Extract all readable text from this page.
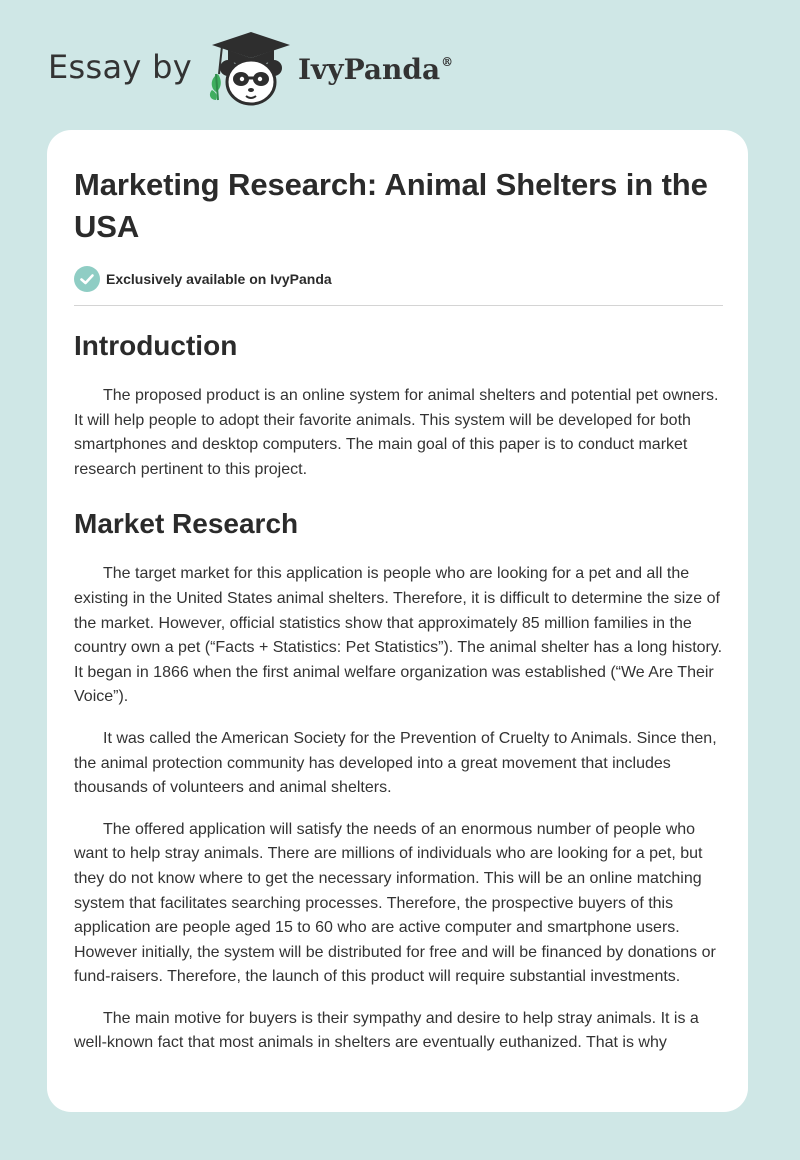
Essay by	IvyPanda®
Marketing Research: Animal Shelters in the USA
Exclusively available on IvyPanda
Introduction

The proposed product is an online system for animal shelters and potential pet owners. It will help people to adopt their favorite animals. This system will be developed for both smartphones and desktop computers. The main goal of this paper is to conduct market research pertinent to this project.

Market Research

The target market for this application is people who are looking for a pet and all the existing in the United States animal shelters. Therefore, it is difficult to determine the size of the market. However, official statistics show that approximately 85 million families in the country own a pet (“Facts + Statistics: Pet Statistics”). The animal shelter has a long history. It began in 1866 when the first animal welfare organization was established (“We Are Their Voice”).

It was called the American Society for the Prevention of Cruelty to Animals. Since then, the animal protection community has developed into a great movement that includes thousands of volunteers and animal shelters.

The offered application will satisfy the needs of an enormous number of people who want to help stray animals. There are millions of individuals who are looking for a pet, but they do not know where to get the necessary information. This will be an online matching system that facilitates searching processes. Therefore, the prospective buyers of this application are people aged 15 to 60 who are active computer and smartphone users. However initially, the system will be distributed for free and will be financed by donations or fund-raisers. Therefore, the launch of this product will require substantial investments.

The main motive for buyers is their sympathy and desire to help stray animals. It is a well-known fact that most animals in shelters are eventually euthanized. That is why
